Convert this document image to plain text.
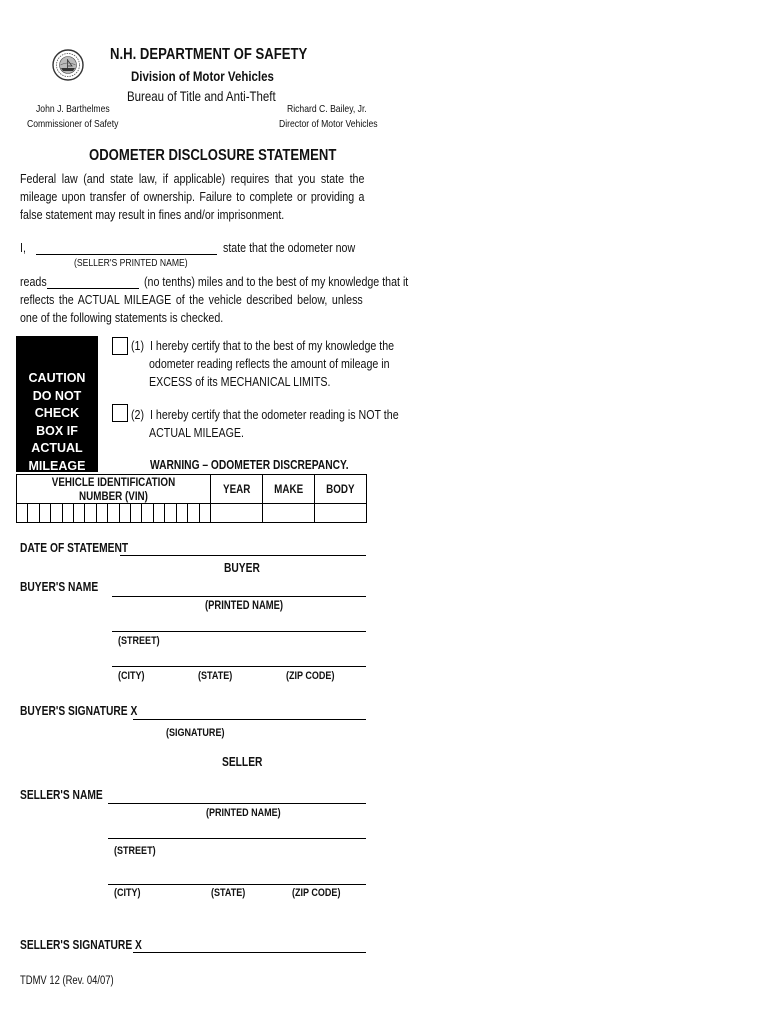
N.H. DEPARTMENT OF SAFETY
Division of Motor Vehicles
Bureau of Title and Anti-Theft
John J. Barthelmes
Commissioner of Safety
Richard C. Bailey, Jr.
Director of Motor Vehicles
ODOMETER DISCLOSURE STATEMENT
Federal law (and state law, if applicable) requires that you state the mileage upon transfer of ownership. Failure to complete or providing a false statement may result in fines and/or imprisonment.
I,	state that the odometer now
(SELLER'S PRINTED NAME)
reads	(no tenths) miles and to the best of my knowledge that it
reflects the ACTUAL MILEAGE of the vehicle described below, unless one of the following statements is checked.
CAUTION
DO NOT CHECK
BOX IF ACTUAL
MILEAGE
(1) I hereby certify that to the best of my knowledge the
odometer reading reflects the amount of mileage in
EXCESS of its MECHANICAL LIMITS.
(2) I hereby certify that the odometer reading is NOT the
ACTUAL MILEAGE.
WARNING – ODOMETER DISCREPANCY.
VEHICLE IDENTIFICATION NUMBER (VIN)	YEAR	MAKE	BODY

DATE OF STATEMENT
BUYER
BUYER'S NAME
(PRINTED NAME)
(STREET)
(CITY)	(STATE)	(ZIP CODE)
BUYER'S SIGNATURE X
(SIGNATURE)
SELLER
SELLER'S NAME
(PRINTED NAME)
(STREET)
(CITY)	(STATE)	(ZIP CODE)
SELLER'S SIGNATURE X
TDMV 12 (Rev. 04/07)
